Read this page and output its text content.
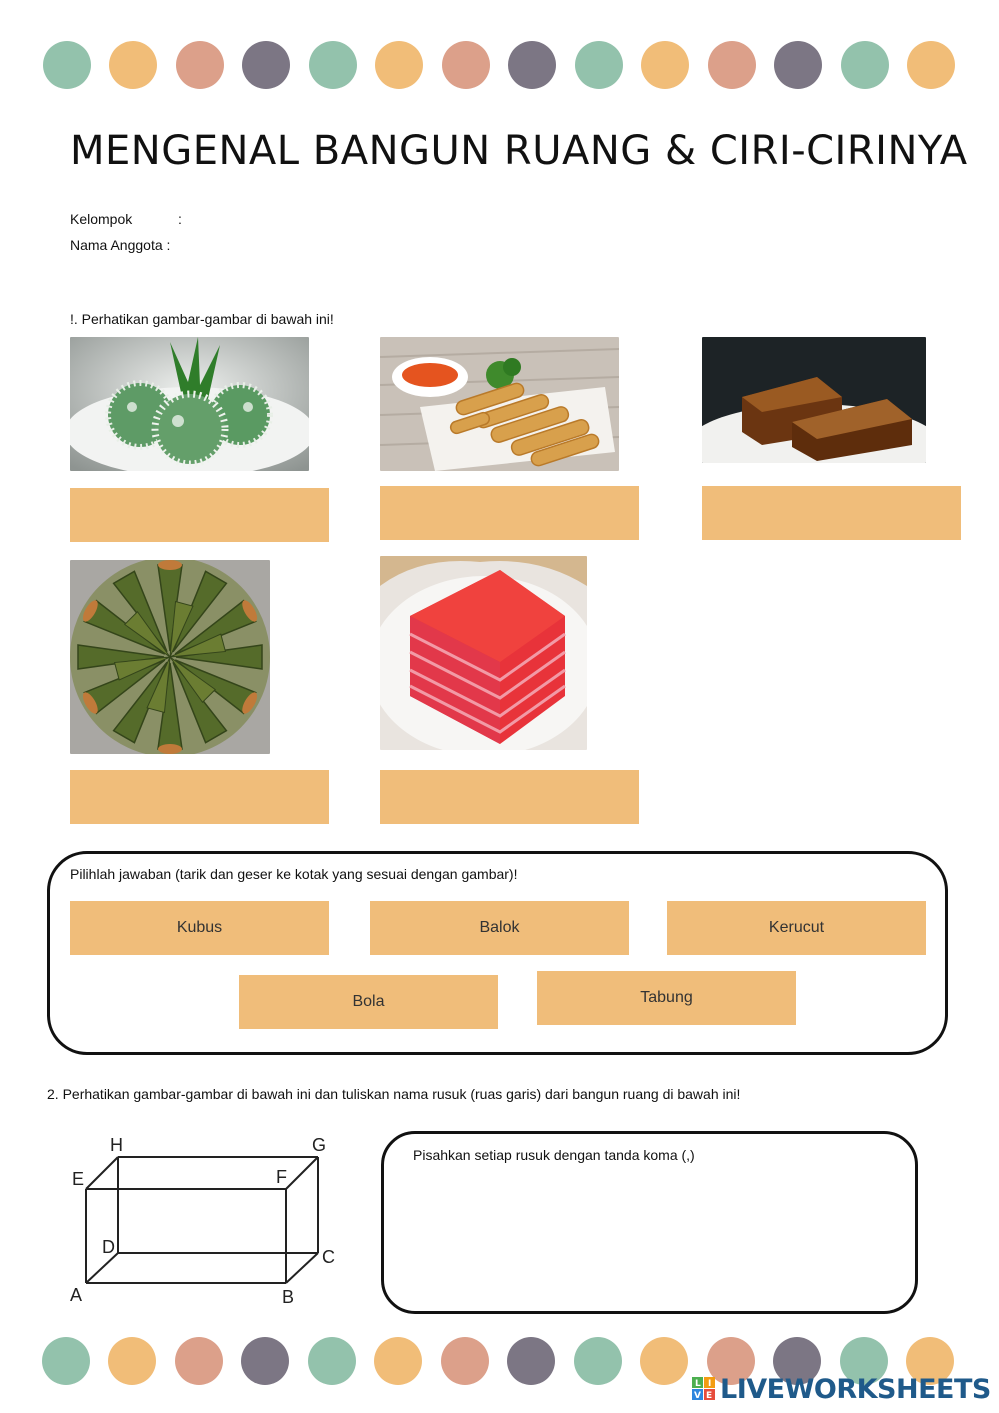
MENGENAL BANGUN RUANG & CIRI-CIRINYA
Kelompok	:
Nama Anggota :
!. Perhatikan gambar-gambar di bawah ini!
Pilihlah jawaban (tarik dan geser ke kotak yang sesuai dengan gambar)!
Kubus	Balok	Kerucut
Bola	Tabung
2. Perhatikan gambar-gambar di bawah ini dan tuliskan nama rusuk (ruas garis) dari bangun ruang di bawah ini!
H	G
E	F
D	C
A	B
Pisahkan setiap rusuk dengan tanda koma (,)
L I
V E LIVEWORKSHEETS
